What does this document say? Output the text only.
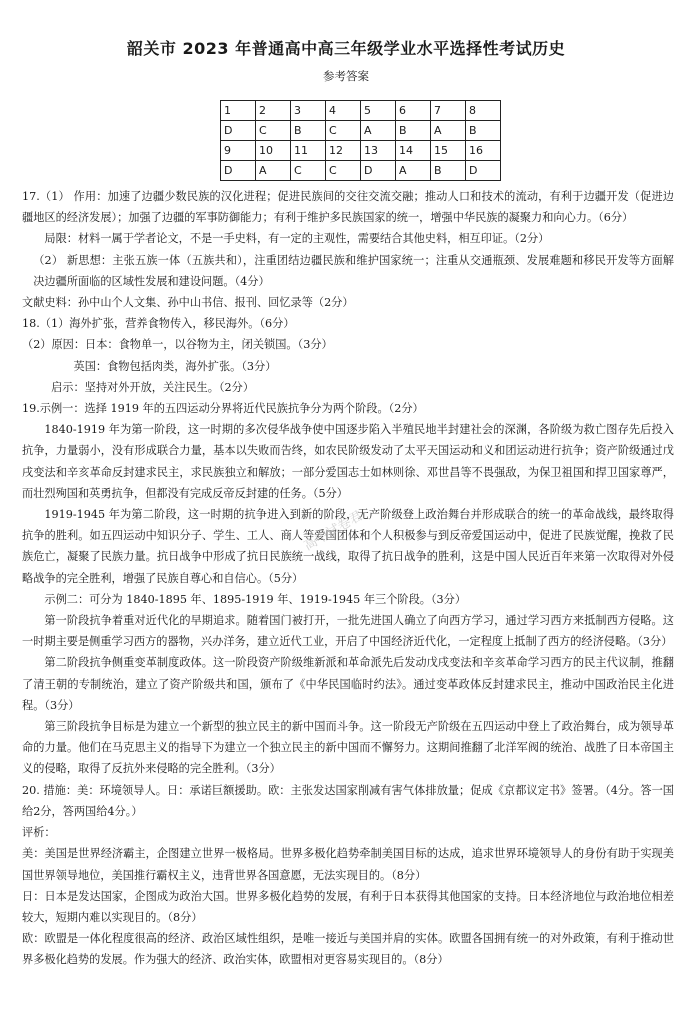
韶关市 2023 年普通高中高三年级学业水平选择性考试历史
参考答案
1	2	3	4	5	6	7	8
D	C	B	C	A	B	A	B
9	10	11	12	13	14	15	16
D	A	C	C	D	A	B	D

17.（1） 作用：加速了边疆少数民族的汉化进程；促进民族间的交往交流交融；推动人口和技术的流动，有利于边疆开发（促进边疆地区的经济发展）；加强了边疆的军事防御能力；有利于维护多民族国家的统一，增强中华民族的凝聚力和向心力。（6分）

局限：材料一属于学者论文，不是一手史料，有一定的主观性，需要结合其他史料，相互印证。（2分）

（2） 新思想：主张五族一体（五族共和），注重团结边疆民族和维护国家统一；注重从交通瓶颈、发展难题和移民开发等方面解决边疆所面临的区域性发展和建设问题。（4分）

文献史料：孙中山个人文集、孙中山书信、报刊、回忆录等（2分）

18.（1）海外扩张，营养食物传入，移民海外。（6分）

（2）原因：日本：食物单一，以谷物为主，闭关锁国。（3分）

英国：食物包括肉类，海外扩张。（3分）

启示：坚持对外开放，关注民生。（2分）

19.示例一：选择 1919 年的五四运动分界将近代民族抗争分为两个阶段。（2分）

1840-1919 年为第一阶段，这一时期的多次侵华战争使中国逐步陷入半殖民地半封建社会的深渊，各阶级为救亡图存先后投入抗争，力量弱小，没有形成联合力量，基本以失败而告终，如农民阶级发动了太平天国运动和义和团运动进行抗争；资产阶级通过戊戌变法和辛亥革命反封建求民主，求民族独立和解放；一部分爱国志士如林则徐、邓世昌等不畏强敌，为保卫祖国和捍卫国家尊严，而壮烈殉国和英勇抗争，但都没有完成反帝反封建的任务。（5分）

1919-1945 年为第二阶段，这一时期的抗争进入到新的阶段，无产阶级登上政治舞台并形成联合的统一的革命战线，最终取得抗争的胜利。如五四运动中知识分子、学生、工人、商人等爱国团体和个人积极参与到反帝爱国运动中，促进了民族觉醒，挽救了民族危亡，凝聚了民族力量。抗日战争中形成了抗日民族统一战线，取得了抗日战争的胜利，这是中国人民近百年来第一次取得对外侵略战争的完全胜利，增强了民族自尊心和自信心。（5分）

示例二：可分为 1840-1895 年、1895-1919 年、1919-1945 年三个阶段。（3分）

第一阶段抗争着重对近代化的早期追求。随着国门被打开，一批先进国人确立了向西方学习，通过学习西方来抵制西方侵略。这一时期主要是侧重学习西方的器物，兴办洋务，建立近代工业，开启了中国经济近代化，一定程度上抵制了西方的经济侵略。（3分）

第二阶段抗争侧重变革制度政体。这一阶段资产阶级维新派和革命派先后发动戊戌变法和辛亥革命学习西方的民主代议制，推翻了清王朝的专制统治，建立了资产阶级共和国，颁布了《中华民国临时约法》。通过变革政体反封建求民主，推动中国政治民主化进程。（3分）

第三阶段抗争目标是为建立一个新型的独立民主的新中国而斗争。这一阶段无产阶级在五四运动中登上了政治舞台，成为领导革命的力量。他们在马克思主义的指导下为建立一个独立民主的新中国而不懈努力。这期间推翻了北洋军阀的统治、战胜了日本帝国主义的侵略，取得了反抗外来侵略的完全胜利。（3分）

20. 措施：美：环境领导人。日：承诺巨额援助。欧：主张发达国家削减有害气体排放量；促成《京都议定书》签署。（4分。答一国给2分，答两国给4分。）

评析：

美：美国是世界经济霸主，企图建立世界一极格局。世界多极化趋势牵制美国目标的达成，追求世界环境领导人的身份有助于实现美国世界领导地位，美国推行霸权主义，违背世界各国意愿，无法实现目的。（8分）

日：日本是发达国家，企图成为政治大国。世界多极化趋势的发展，有利于日本获得其他国家的支持。日本经济地位与政治地位相差较大，短期内难以实现目的。（8分）

欧：欧盟是一体化程度很高的经济、政治区域性组织，是唯一接近与美国并肩的实体。欧盟各国拥有统一的对外政策，有利于推动世界多极化趋势的发展。作为强大的经济、政治实体，欧盟相对更容易实现目的。（8分）

高中试卷君
